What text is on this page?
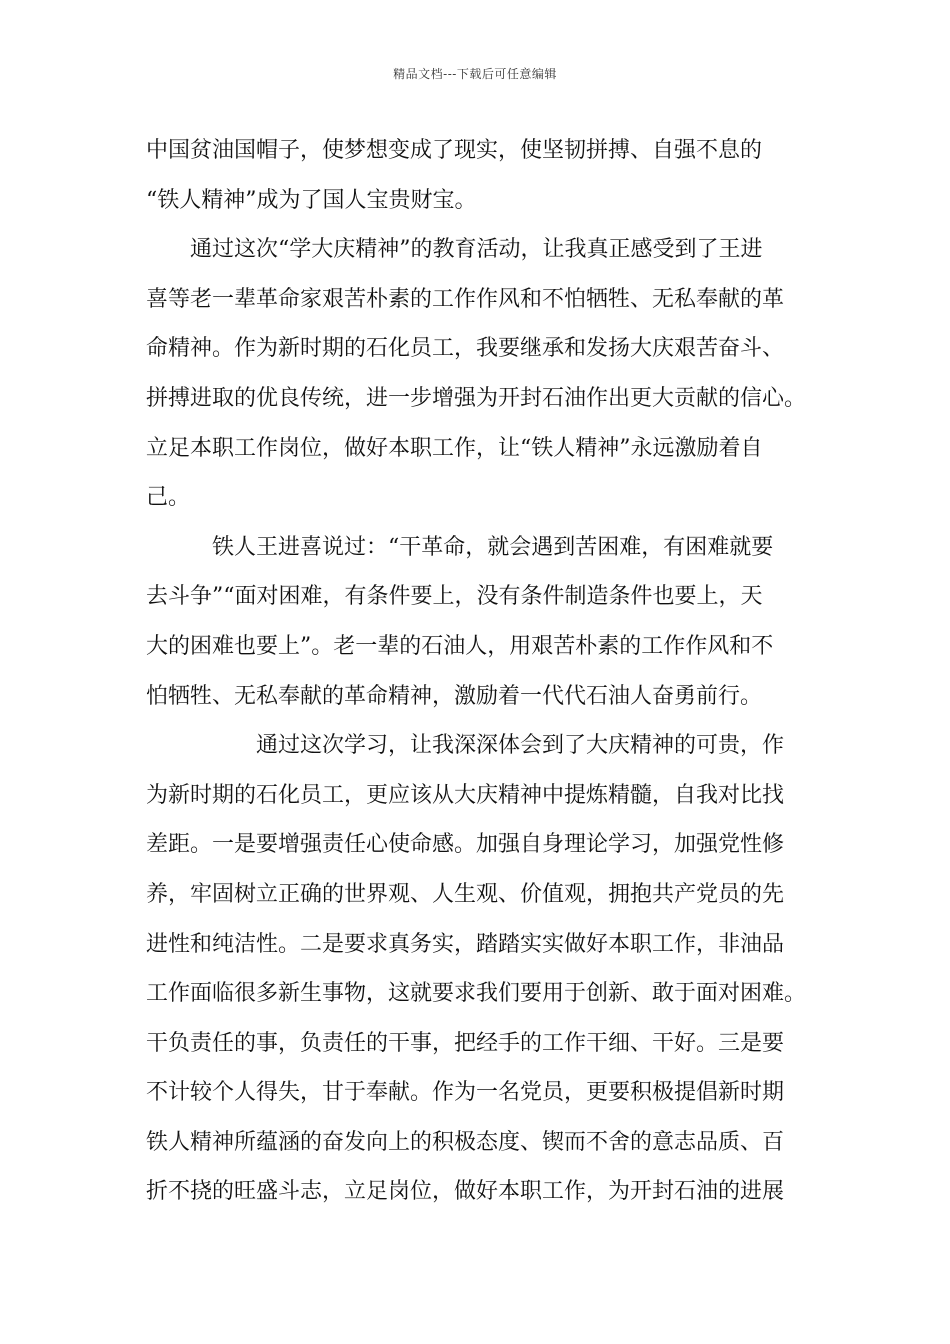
精品文档---下载后可任意编辑
中国贫油国帽子，使梦想变成了现实，使坚韧拼搏、自强不息的
“铁人精神”成为了国人宝贵财宝。
通过这次“学大庆精神”的教育活动，让我真正感受到了王进
喜等老一辈革命家艰苦朴素的工作作风和不怕牺牲、无私奉献的革
命精神。作为新时期的石化员工，我要继承和发扬大庆艰苦奋斗、
拼搏进取的优良传统，进一步增强为开封石油作出更大贡献的信心。
立足本职工作岗位，做好本职工作，让“铁人精神”永远激励着自
己。
铁人王进喜说过：“干革命，就会遇到苦困难，有困难就要
去斗争”“面对困难，有条件要上，没有条件制造条件也要上，天
大的困难也要上”。老一辈的石油人，用艰苦朴素的工作作风和不
怕牺牲、无私奉献的革命精神，激励着一代代石油人奋勇前行。
通过这次学习，让我深深体会到了大庆精神的可贵，作
为新时期的石化员工，更应该从大庆精神中提炼精髓，自我对比找
差距。一是要增强责任心使命感。加强自身理论学习，加强党性修
养，牢固树立正确的世界观、人生观、价值观，拥抱共产党员的先
进性和纯洁性。二是要求真务实，踏踏实实做好本职工作，非油品
工作面临很多新生事物，这就要求我们要用于创新、敢于面对困难。
干负责任的事，负责任的干事，把经手的工作干细、干好。三是要
不计较个人得失，甘于奉献。作为一名党员，更要积极提倡新时期
铁人精神所蕴涵的奋发向上的积极态度、锲而不舍的意志品质、百
折不挠的旺盛斗志，立足岗位，做好本职工作，为开封石油的进展
